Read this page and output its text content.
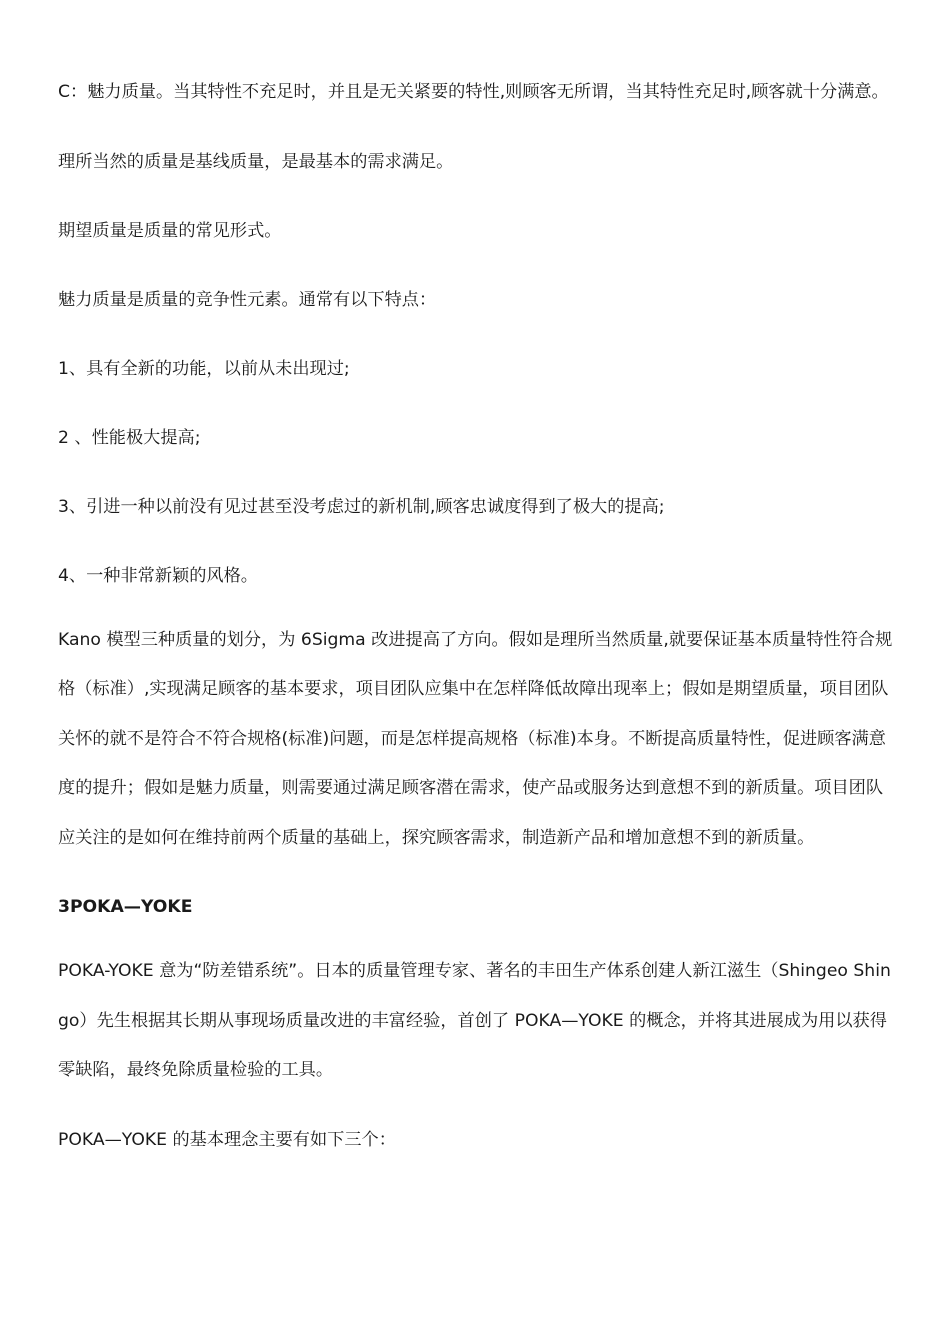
C：魅力质量。当其特性不充足时，并且是无关紧要的特性,则顾客无所谓，当其特性充足时,顾客就十分满意。

理所当然的质量是基线质量，是最基本的需求满足。

期望质量是质量的常见形式。

魅力质量是质量的竞争性元素。通常有以下特点：

1、具有全新的功能，以前从未出现过;

2 、性能极大提高;

3、引进一种以前没有见过甚至没考虑过的新机制,顾客忠诚度得到了极大的提高;

4、一种非常新颖的风格。

Kano 模型三种质量的划分，为 6Sigma 改进提高了方向。假如是理所当然质量,就要保证基本质量特性符合规格（标准）,实现满足顾客的基本要求，项目团队应集中在怎样降低故障出现率上；假如是期望质量，项目团队关怀的就不是符合不符合规格(标准)问题，而是怎样提高规格（标准)本身。不断提高质量特性，促进顾客满意度的提升；假如是魅力质量，则需要通过满足顾客潜在需求，使产品或服务达到意想不到的新质量。项目团队应关注的是如何在维持前两个质量的基础上，探究顾客需求，制造新产品和增加意想不到的新质量。

3POKA—YOKE

POKA-YOKE 意为“防差错系统”。日本的质量管理专家、著名的丰田生产体系创建人新江滋生（Shingeo Shingo）先生根据其长期从事现场质量改进的丰富经验，首创了 POKA—YOKE 的概念，并将其进展成为用以获得零缺陷，最终免除质量检验的工具。

POKA—YOKE 的基本理念主要有如下三个：
